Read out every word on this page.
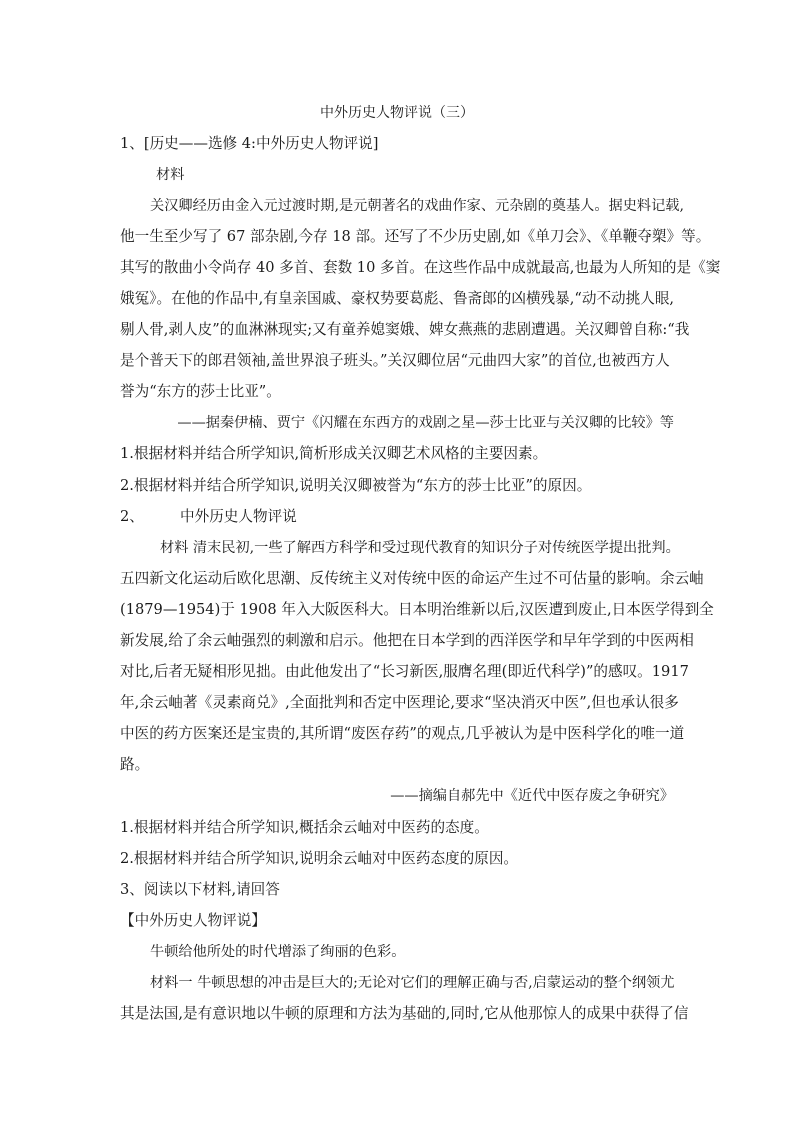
中外历史人物评说（三）
1、[历史——选修 4:中外历史人物评说]
材料
关汉卿经历由金入元过渡时期,是元朝著名的戏曲作家、元杂剧的奠基人。据史料记载,
他一生至少写了 67 部杂剧,今存 18 部。还写了不少历史剧,如《单刀会》、《单鞭夺槊》等。
其写的散曲小令尚存 40 多首、套数 10 多首。在这些作品中成就最高,也最为人所知的是《窦
娥冤》。在他的作品中,有皇亲国戚、豪权势要葛彪、鲁斋郎的凶横残暴,“动不动挑人眼,
剔人骨,剥人皮”的血淋淋现实;又有童养媳窦娥、婢女燕燕的悲剧遭遇。关汉卿曾自称:“我
是个普天下的郎君领袖,盖世界浪子班头。”关汉卿位居“元曲四大家”的首位,也被西方人
誉为“东方的莎士比亚”。
——据秦伊楠、贾宁《闪耀在东西方的戏剧之星—莎士比亚与关汉卿的比较》等
1.根据材料并结合所学知识,简析形成关汉卿艺术风格的主要因素。
2.根据材料并结合所学知识,说明关汉卿被誉为“东方的莎士比亚”的原因。
2、 中外历史人物评说
材料 清末民初,一些了解西方科学和受过现代教育的知识分子对传统医学提出批判。
五四新文化运动后欧化思潮、反传统主义对传统中医的命运产生过不可估量的影响。余云岫
(1879—1954)于 1908 年入大阪医科大。日本明治维新以后,汉医遭到废止,日本医学得到全
新发展,给了余云岫强烈的刺激和启示。他把在日本学到的西洋医学和早年学到的中医两相
对比,后者无疑相形见拙。由此他发出了“长习新医,服膺名理(即近代科学)”的感叹。1917
年,余云岫著《灵素商兑》,全面批判和否定中医理论,要求“坚决消灭中医”,但也承认很多
中医的药方医案还是宝贵的,其所谓“废医存药”的观点,几乎被认为是中医科学化的唯一道
路。
——摘编自郝先中《近代中医存废之争研究》
1.根据材料并结合所学知识,概括余云岫对中医药的态度。
2.根据材料并结合所学知识,说明余云岫对中医药态度的原因。
3、阅读以下材料,请回答
【中外历史人物评说】
牛顿给他所处的时代增添了绚丽的色彩。
材料一 牛顿思想的冲击是巨大的;无论对它们的理解正确与否,启蒙运动的整个纲领尤
其是法国,是有意识地以牛顿的原理和方法为基础的,同时,它从他那惊人的成果中获得了信
